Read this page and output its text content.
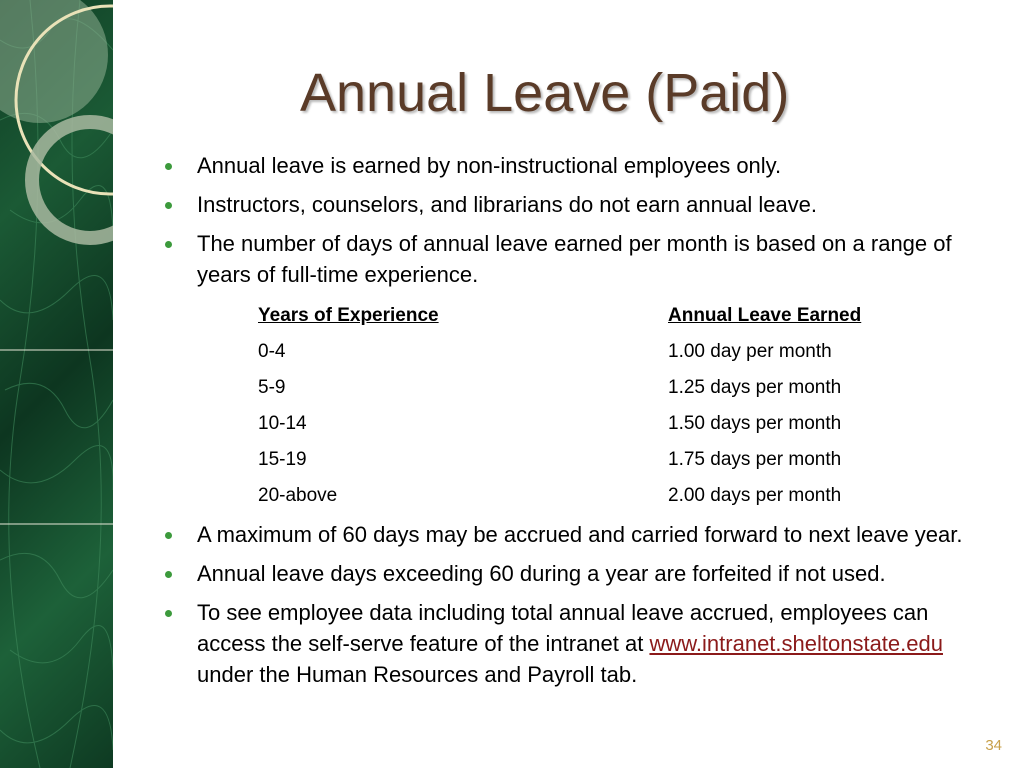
Annual Leave (Paid)
Annual leave is earned by non-instructional employees only.
Instructors, counselors, and librarians do not earn annual leave.
The number of days of annual leave earned per month is based on a range of years of full-time experience.
Years of Experience	Annual Leave Earned
0-4	1.00 day per month
5-9	1.25 days per month
10-14	1.50 days per month
15-19	1.75 days per month
20-above	2.00 days per month
A maximum of 60 days may be accrued and carried forward to next leave year.
Annual leave days exceeding 60 during a year are forfeited if not used.
To see employee data including total annual leave accrued, employees can access the self-serve feature of the intranet at www.intranet.sheltonstate.edu under the Human Resources and Payroll tab.
34
